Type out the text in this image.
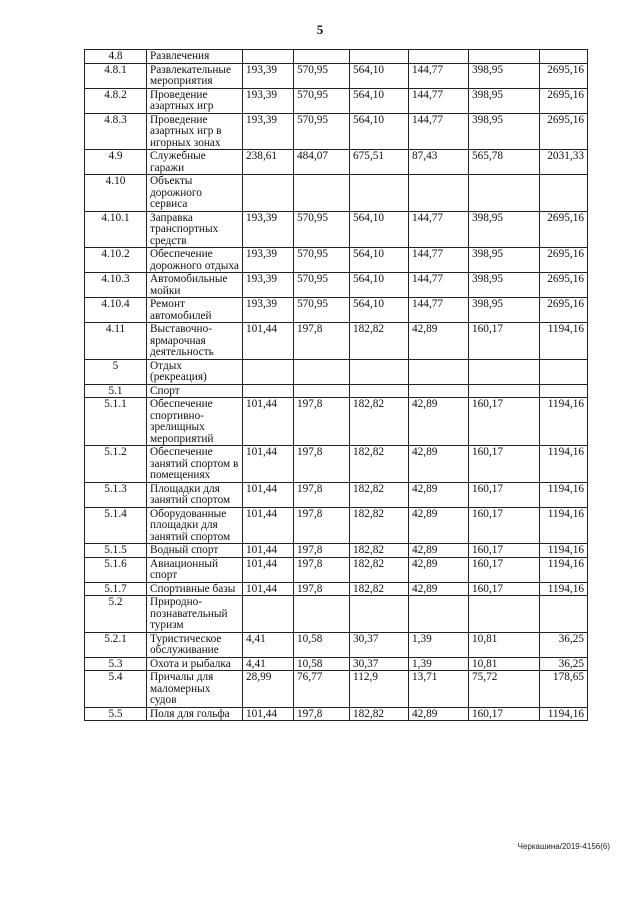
5
4.8	Развлечения						
4.8.1	Развлекательные мероприятия	193,39	570,95	564,10	144,77	398,95	2695,16
4.8.2	Проведение азартных игр	193,39	570,95	564,10	144,77	398,95	2695,16
4.8.3	Проведение азартных игр в игорных зонах	193,39	570,95	564,10	144,77	398,95	2695,16
4.9	Служебные гаражи	238,61	484,07	675,51	87,43	565,78	2031,33
4.10	Объекты дорожного сервиса						
4.10.1	Заправка транспортных средств	193,39	570,95	564,10	144,77	398,95	2695,16
4.10.2	Обеспечение дорожного отдыха	193,39	570,95	564,10	144,77	398,95	2695,16
4.10.3	Автомобильные мойки	193,39	570,95	564,10	144,77	398,95	2695,16
4.10.4	Ремонт автомобилей	193,39	570,95	564,10	144,77	398,95	2695,16
4.11	Выставочно-ярмарочная деятельность	101,44	197,8	182,82	42,89	160,17	1194,16
5	Отдых (рекреация)						
5.1	Спорт						
5.1.1	Обеспечение спортивно-зрелищных мероприятий	101,44	197,8	182,82	42,89	160,17	1194,16
5.1.2	Обеспечение занятий спортом в помещениях	101,44	197,8	182,82	42,89	160,17	1194,16
5.1.3	Площадки для занятий спортом	101,44	197,8	182,82	42,89	160,17	1194,16
5.1.4	Оборудованные площадки для занятий спортом	101,44	197,8	182,82	42,89	160,17	1194,16
5.1.5	Водный спорт	101,44	197,8	182,82	42,89	160,17	1194,16
5.1.6	Авиационный спорт	101,44	197,8	182,82	42,89	160,17	1194,16
5.1.7	Спортивные базы	101,44	197,8	182,82	42,89	160,17	1194,16
5.2	Природно-познавательный туризм						
5.2.1	Туристическое обслуживание	4,41	10,58	30,37	1,39	10,81	36,25
5.3	Охота и рыбалка	4,41	10,58	30,37	1,39	10,81	36,25
5.4	Причалы для маломерных судов	28,99	76,77	112,9	13,71	75,72	178,65
5.5	Поля для гольфа	101,44	197,8	182,82	42,89	160,17	1194,16
Черкашина/2019-4156(6)
